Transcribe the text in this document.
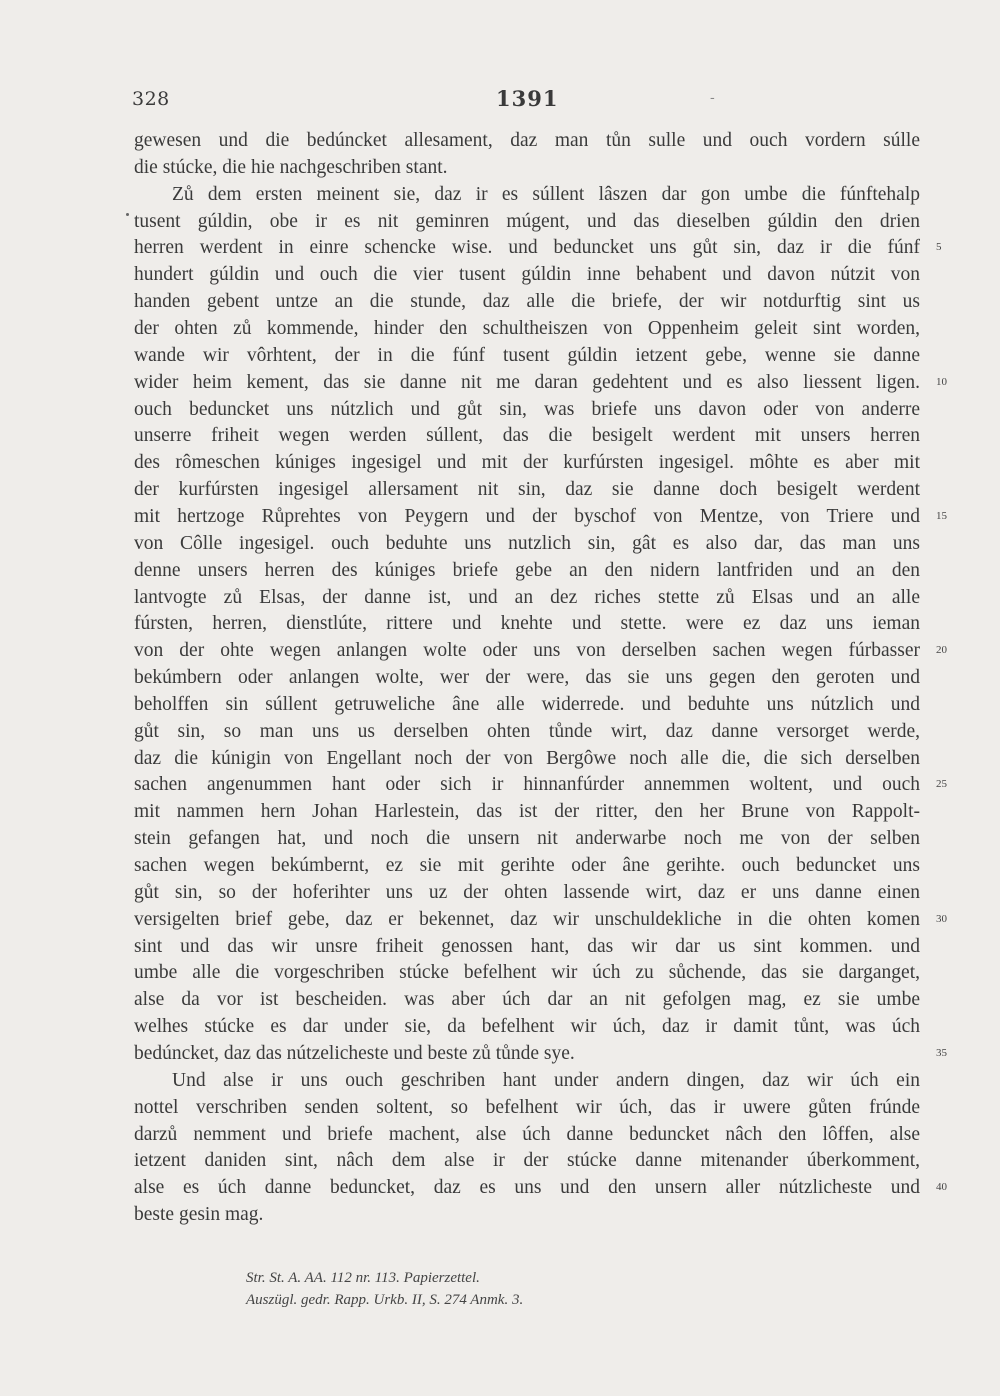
328	1391	-
gewesen und die bedúncket allesament, daz man tůn sulle und ouch vordern súlle
die stúcke, die hie nachgeschriben stant.
Zů dem ersten meinent sie, daz ir es súllent lâszen dar gon umbe die fúnftehalp
tusent gúldin, obe ir es nit geminren múgent, und das dieselben gúldin den drien
herren werdent in einre schencke wise. und beduncket uns gůt sin, daz ir die fúnf
hundert gúldin und ouch die vier tusent gúldin inne behabent und davon nútzit von
handen gebent untze an die stunde, daz alle die briefe, der wir notdurftig sint us
der ohten zů kommende, hinder den schultheiszen von Oppenheim geleit sint worden,
wande wir vôrhtent, der in die fúnf tusent gúldin ietzent gebe, wenne sie danne
wider heim kement, das sie danne nit me daran gedehtent und es also liessent ligen.
ouch beduncket uns nútzlich und gůt sin, was briefe uns davon oder von anderre
unserre friheit wegen werden súllent, das die besigelt werdent mit unsers herren
des rômeschen kúniges ingesigel und mit der kurfúrsten ingesigel. môhte es aber mit
der kurfúrsten ingesigel allersament nit sin, daz sie danne doch besigelt werdent
mit hertzoge Růprehtes von Peygern und der byschof von Mentze, von Triere und
von Côlle ingesigel. ouch beduhte uns nutzlich sin, gât es also dar, das man uns
denne unsers herren des kúniges briefe gebe an den nidern lantfriden und an den
lantvogte zů Elsas, der danne ist, und an dez riches stette zů Elsas und an alle
fúrsten, herren, dienstlúte, rittere und knehte und stette. were ez daz uns ieman
von der ohte wegen anlangen wolte oder uns von derselben sachen wegen fúrbasser
bekúmbern oder anlangen wolte, wer der were, das sie uns gegen den geroten und
beholffen sin súllent getruweliche âne alle widerrede. und beduhte uns nútzlich und
gůt sin, so man uns us derselben ohten tůnde wirt, daz danne versorget werde,
daz die kúnigin von Engellant noch der von Bergôwe noch alle die, die sich derselben
sachen angenummen hant oder sich ir hinnanfúrder annemmen woltent, und ouch
mit nammen hern Johan Harlestein, das ist der ritter, den her Brune von Rappolt-
stein gefangen hat, und noch die unsern nit anderwarbe noch me von der selben
sachen wegen bekúmbernt, ez sie mit gerihte oder âne gerihte. ouch beduncket uns
gůt sin, so der hoferihter uns uz der ohten lassende wirt, daz er uns danne einen
versigelten brief gebe, daz er bekennet, daz wir unschuldekliche in die ohten komen
sint und das wir unsre friheit genossen hant, das wir dar us sint kommen. und
umbe alle die vorgeschriben stúcke befelhent wir úch zu sůchende, das sie darganget,
alse da vor ist bescheiden. was aber úch dar an nit gefolgen mag, ez sie umbe
welhes stúcke es dar under sie, da befelhent wir úch, daz ir damit tůnt, was úch
bedúncket, daz das nútzelicheste und beste zů tůnde sye.
Und alse ir uns ouch geschriben hant under andern dingen, daz wir úch ein
nottel verschriben senden soltent, so befelhent wir úch, das ir uwere gůten frúnde
darzů nemment und briefe machent, alse úch danne beduncket nâch den lôffen, alse
ietzent daniden sint, nâch dem alse ir der stúcke danne mitenander úberkomment,
alse es úch danne beduncket, daz es uns und den unsern aller nútzlicheste und
beste gesin mag.
5
10
15
20
25
30
35
40
Str. St. A. AA. 112 nr. 113. Papierzettel.
Auszügl. gedr. Rapp. Urkb. II, S. 274 Anmk. 3.
